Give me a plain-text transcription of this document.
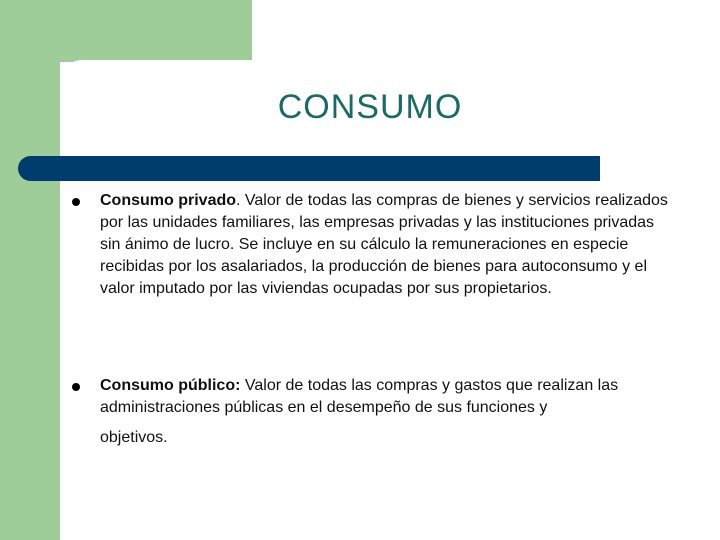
CONSUMO
Consumo privado. Valor de todas las compras de bienes y servicios realizados por las unidades familiares, las empresas privadas y las instituciones privadas sin ánimo de lucro. Se incluye en su cálculo la remuneraciones en especie recibidas por los asalariados, la producción de bienes para autoconsumo y el valor imputado por las viviendas ocupadas por sus propietarios.
Consumo público: Valor de todas las compras y gastos que realizan las administraciones públicas en el desempeño de sus funciones y
objetivos.
